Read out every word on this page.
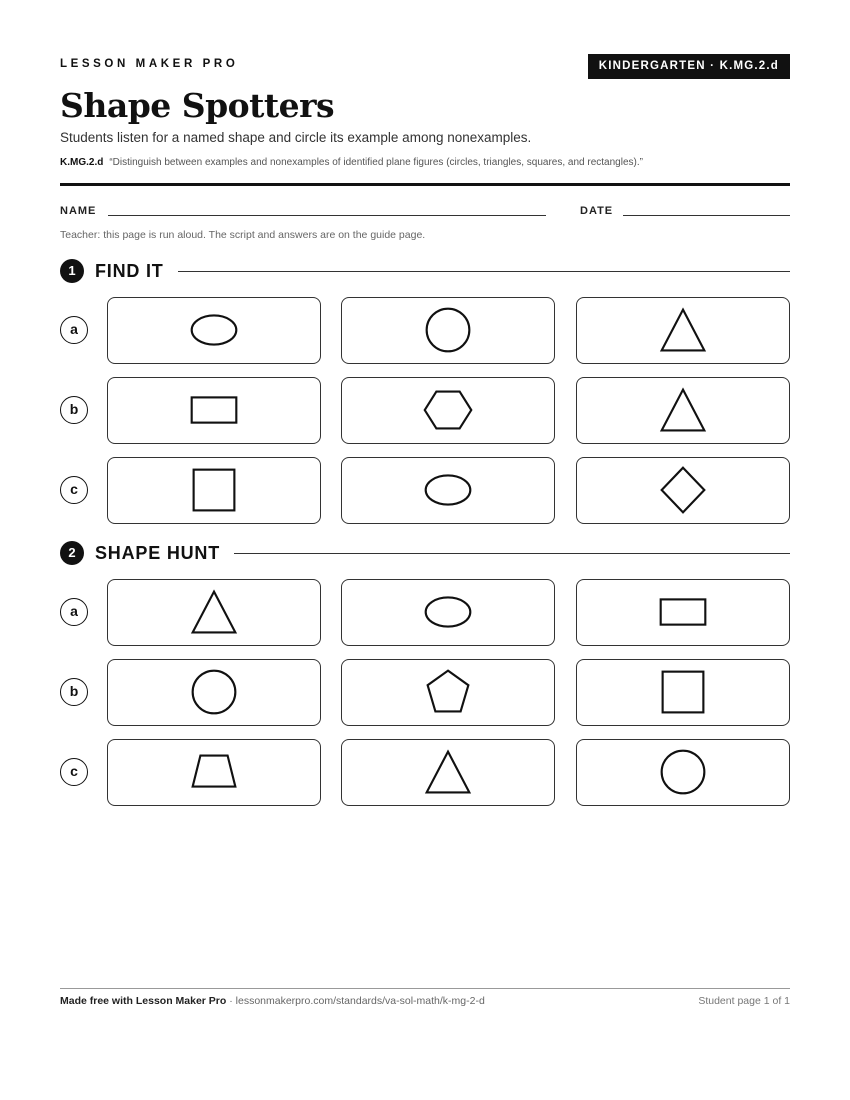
LESSON MAKER PRO	KINDERGARTEN · K.MG.2.d
Shape Spotters

Students listen for a named shape and circle its example among nonexamples.

K.MG.2.d “Distinguish between examples and nonexamples of identified plane figures (circles, triangles, squares, and rectangles).”

NAME	DATE

Teacher: this page is run aloud. The script and answers are on the guide page.

1	FIND IT
a
b
c
2	SHAPE HUNT
a
b
c

Made free with Lesson Maker Pro · lessonmakerpro.com/standards/va-sol-math/k-mg-2-d	Student page 1 of 1
